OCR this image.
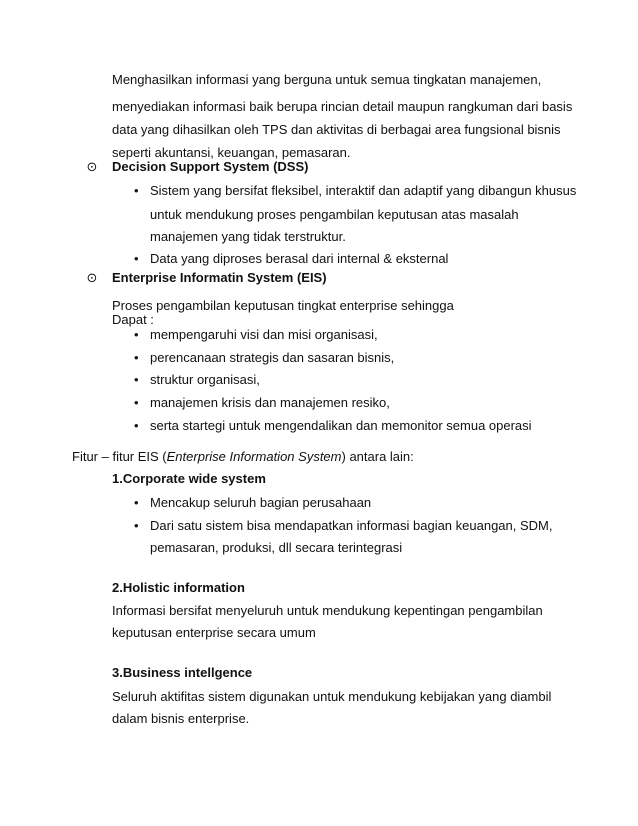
Menghasilkan informasi yang berguna untuk semua tingkatan manajemen,
menyediakan informasi baik berupa rincian detail maupun rangkuman dari basis
data yang dihasilkan oleh TPS dan aktivitas di berbagai area fungsional bisnis
seperti akuntansi, keuangan, pemasaran.
⊙ Decision Support System (DSS)
• Sistem yang bersifat fleksibel, interaktif dan adaptif yang dibangun khusus
untuk mendukung proses pengambilan keputusan atas masalah
manajemen yang tidak terstruktur.
• Data yang diproses berasal dari internal & eksternal
⊙ Enterprise Informatin System (EIS)
Proses pengambilan keputusan tingkat enterprise sehingga
Dapat :
• mempengaruhi visi dan misi organisasi,
• perencanaan strategis dan sasaran bisnis,
• struktur organisasi,
• manajemen krisis dan manajemen resiko,
• serta startegi untuk mengendalikan dan memonitor semua operasi
Fitur – fitur EIS (Enterprise Information System) antara lain:
1.Corporate wide system
• Mencakup seluruh bagian perusahaan
• Dari satu sistem bisa mendapatkan informasi bagian keuangan, SDM,
pemasaran, produksi, dll secara terintegrasi
2.Holistic information
Informasi bersifat menyeluruh untuk mendukung kepentingan pengambilan
keputusan enterprise secara umum
3.Business intellgence
Seluruh aktifitas sistem digunakan untuk mendukung kebijakan yang diambil
dalam bisnis enterprise.
